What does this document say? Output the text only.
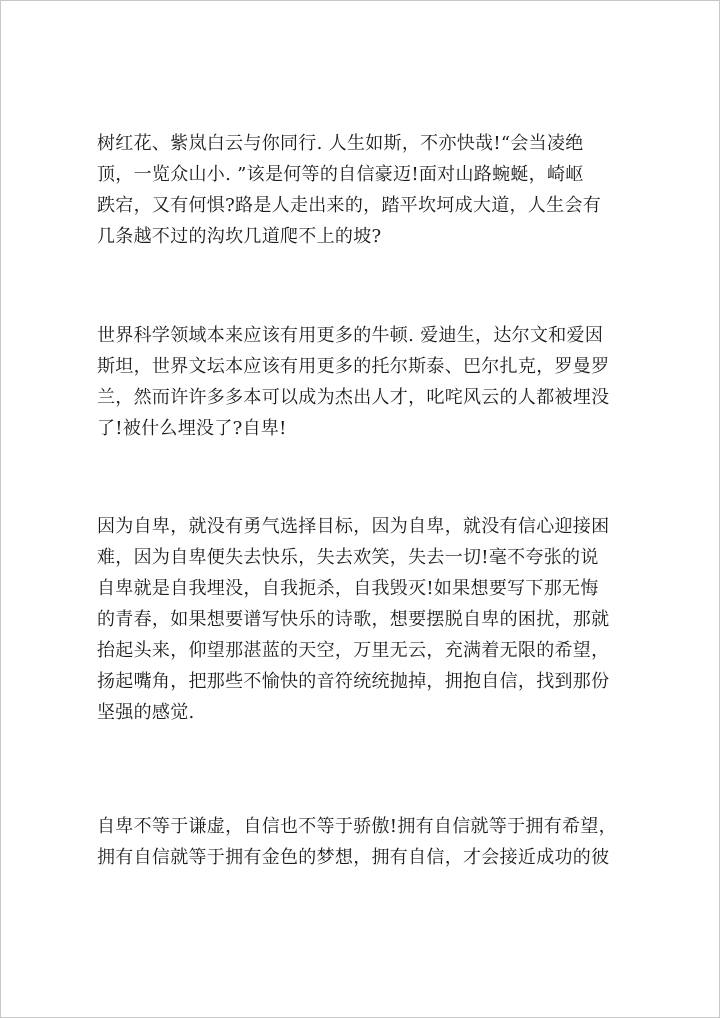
树红花、紫岚白云与你同行. 人生如斯，不亦快哉!“会当凌绝
顶，一览众山小. ”该是何等的自信豪迈!面对山路蜿蜒，崎岖
跌宕，又有何惧?路是人走出来的，踏平坎坷成大道，人生会有
几条越不过的沟坎几道爬不上的坡?

世界科学领域本来应该有用更多的牛顿. 爱迪生，达尔文和爱因
斯坦，世界文坛本应该有用更多的托尔斯泰、巴尔扎克，罗曼罗
兰，然而许许多多本可以成为杰出人才，叱咤风云的人都被埋没
了!被什么埋没了?自卑!

因为自卑，就没有勇气选择目标，因为自卑，就没有信心迎接困
难，因为自卑便失去快乐，失去欢笑，失去一切!毫不夸张的说
自卑就是自我埋没，自我扼杀，自我毁灭!如果想要写下那无悔
的青春，如果想要谱写快乐的诗歌，想要摆脱自卑的困扰，那就
抬起头来，仰望那湛蓝的天空，万里无云，充满着无限的希望，
扬起嘴角，把那些不愉快的音符统统抛掉，拥抱自信，找到那份
坚强的感觉.

自卑不等于谦虚，自信也不等于骄傲!拥有自信就等于拥有希望，
拥有自信就等于拥有金色的梦想，拥有自信，才会接近成功的彼
